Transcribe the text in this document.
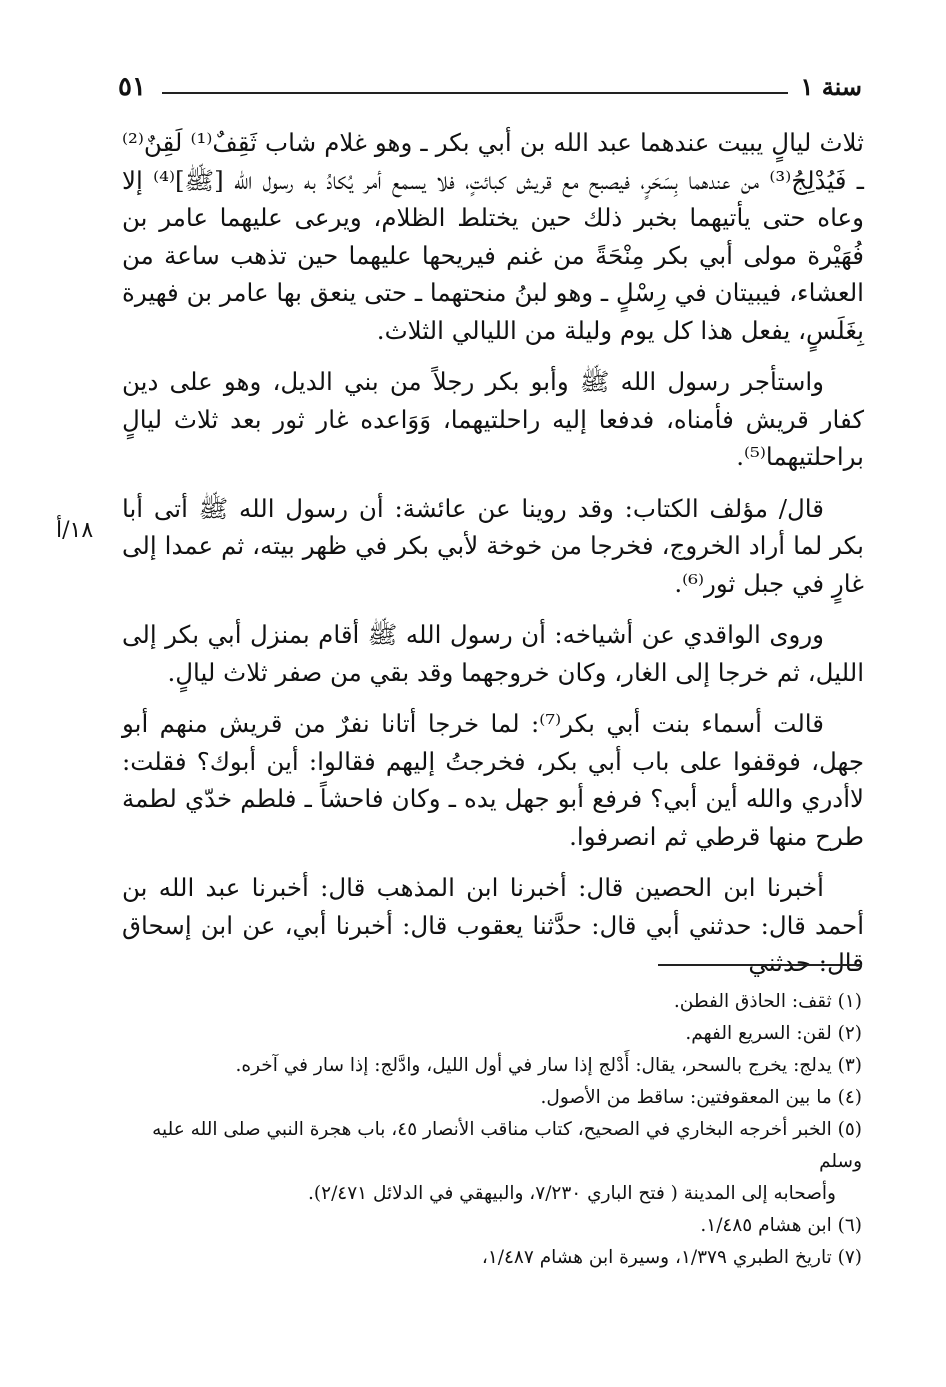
سنة ١
٥١
١٨/أ

ثلاث ليالٍ يبيت عندهما عبد الله بن أبي بكر ـ وهو غلام شاب ثَقِفٌ⁽¹⁾ لَقِنٌ⁽²⁾ ـ فَيُدْلِجُ⁽³⁾ من عندهما بِسَحَرٍ، فيصبح مع قريش كبائتٍ، فلا يسمع أمر يُكادُ به رسول الله [ﷺ]⁽⁴⁾ إلا وعاه حتى يأتيهما بخبر ذلك حين يختلط الظلام، ويرعى عليهما عامر بن فُهَيْرة مولى أبي بكر مِنْحَةً من غنم فيريحها عليهما حين تذهب ساعة من العشاء، فيبيتان في رِسْلٍ ـ وهو لبنُ منحتهما ـ حتى ينعق بها عامر بن فهيرة بِغَلَسٍ، يفعل هذا كل يوم وليلة من الليالي الثلاث.

واستأجر رسول الله ﷺ وأبو بكر رجلاً من بني الديل، وهو على دين كفار قريش فأمناه، فدفعا إليه راحلتيهما، وَوَاعده غار ثور بعد ثلاث ليالٍ براحلتيهما⁽⁵⁾.

قال/ مؤلف الكتاب: وقد روينا عن عائشة: أن رسول الله ﷺ أتى أبا بكر لما أراد الخروج، فخرجا من خوخة لأبي بكر في ظهر بيته، ثم عمدا إلى غارٍ في جبل ثور⁽⁶⁾.

وروى الواقدي عن أشياخه: أن رسول الله ﷺ أقام بمنزل أبي بكر إلى الليل، ثم خرجا إلى الغار، وكان خروجهما وقد بقي من صفر ثلاث ليالٍ.

قالت أسماء بنت أبي بكر⁽⁷⁾: لما خرجا أتانا نفرٌ من قريش منهم أبو جهل، فوقفوا على باب أبي بكر، فخرجتُ إليهم فقالوا: أين أبوك؟ فقلت: لاأدري والله أين أبي؟ فرفع أبو جهل يده ـ وكان فاحشاً ـ فلطم خدّي لطمة طرح منها قرطي ثم انصرفوا.

أخبرنا ابن الحصين قال: أخبرنا ابن المذهب قال: أخبرنا عبد الله بن أحمد قال: حدثني أبي قال: حدَّثنا يعقوب قال: أخبرنا أبي، عن ابن إسحاق قال: حدثني

(١) ثقف: الحاذق الفطن.

(٢) لقن: السريع الفهم.

(٣) يدلج: يخرج بالسحر، يقال: أَدْلج إذا سار في أول الليل، وادَّلج: إذا سار في آخره.

(٤) ما بين المعقوفتين: ساقط من الأصول.

(٥) الخبر أخرجه البخاري في الصحيح، كتاب مناقب الأنصار ٤٥، باب هجرة النبي صلى الله عليه وسلم

وأصحابه إلى المدينة ( فتح الباري ٧/٢٣٠، والبيهقي في الدلائل ٢/٤٧١).

(٦) ابن هشام ١/٤٨٥.

(٧) تاريخ الطبري ١/٣٧٩، وسيرة ابن هشام ١/٤٨٧،
